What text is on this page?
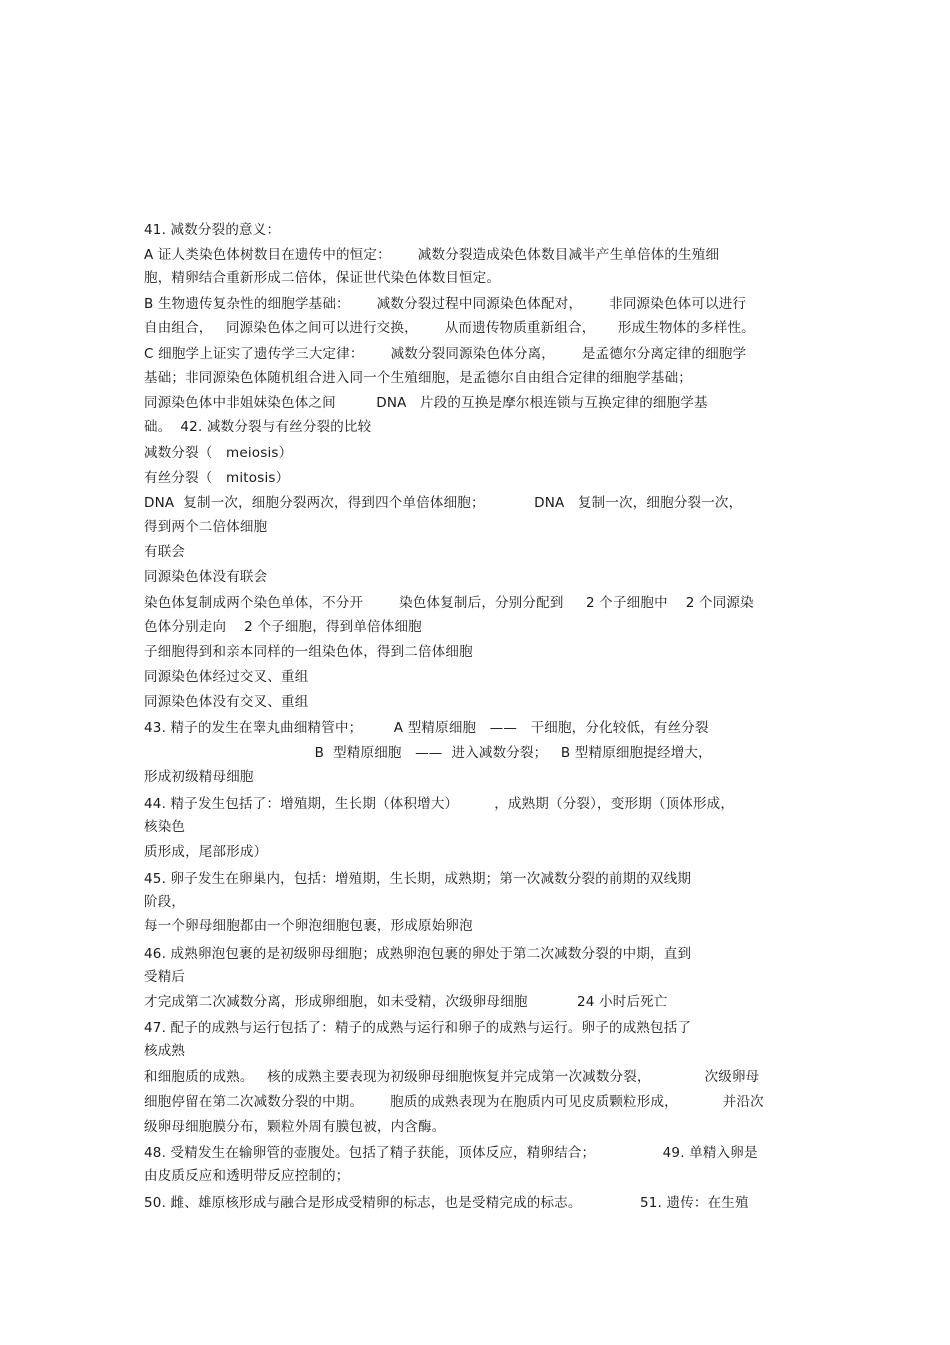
41. 减数分裂的意义：
A 证人类染色体树数目在遗传中的恒定：      减数分裂造成染色体数目减半产生单倍体的生殖细
胞，精卵结合重新形成二倍体，保证世代染色体数目恒定。
B 生物遗传复杂性的细胞学基础：      减数分裂过程中同源染色体配对，      非同源染色体可以进行
自由组合，   同源染色体之间可以进行交换，      从而遗传物质重新组合，     形成生物体的多样性。
C 细胞学上证实了遗传学三大定律：      减数分裂同源染色体分离，      是孟德尔分离定律的细胞学
基础；非同源染色体随机组合进入同一个生殖细胞，是孟德尔自由组合定律的细胞学基础；
同源染色体中非姐妹染色体之间         DNA   片段的互换是摩尔根连锁与互换定律的细胞学基
础。  42. 减数分裂与有丝分裂的比较
减数分裂（   meiosis）
有丝分裂（   mitosis）
DNA  复制一次，细胞分裂两次，得到四个单倍体细胞；           DNA   复制一次，细胞分裂一次，
得到两个二倍体细胞
有联会
同源染色体没有联会
染色体复制成两个染色单体，不分开        染色体复制后，分别分配到     2 个子细胞中    2 个同源染
色体分别走向    2 个子细胞，得到单倍体细胞
子细胞得到和亲本同样的一组染色体，得到二倍体细胞
同源染色体经过交叉、重组
同源染色体没有交叉、重组
43. 精子的发生在睾丸曲细精管中；       A 型精原细胞   ——   干细胞，分化较低，有丝分裂
B  型精原细胞   ——  进入减数分裂；   B 型精原细胞提经增大，
形成初级精母细胞
44. 精子发生包括了：增殖期，生长期（体积增大）        ，成熟期（分裂），变形期（顶体形成，
核染色
质形成，尾部形成）
45. 卵子发生在卵巢内，包括：增殖期，生长期，成熟期；第一次减数分裂的前期的双线期
阶段，
每一个卵母细胞都由一个卵泡细胞包裹，形成原始卵泡
46. 成熟卵泡包裹的是初级卵母细胞；成熟卵泡包裹的卵处于第二次减数分裂的中期，直到
受精后
才完成第二次减数分离，形成卵细胞，如未受精，次级卵母细胞           24 小时后死亡
47. 配子的成熟与运行包括了：精子的成熟与运行和卵子的成熟与运行。卵子的成熟包括了
核成熟
和细胞质的成熟。   核的成熟主要表现为初级卵母细胞恢复并完成第一次减数分裂，            次级卵母
细胞停留在第二次减数分裂的中期。      胞质的成熟表现为在胞质内可见皮质颗粒形成，          并沿次
级卵母细胞膜分布，颗粒外周有膜包被，内含酶。
48. 受精发生在输卵管的壶腹处。包括了精子获能，顶体反应，精卵结合；               49. 单精入卵是
由皮质反应和透明带反应控制的；
50. 雌、雄原核形成与融合是形成受精卵的标志，也是受精完成的标志。             51. 遗传：在生殖
